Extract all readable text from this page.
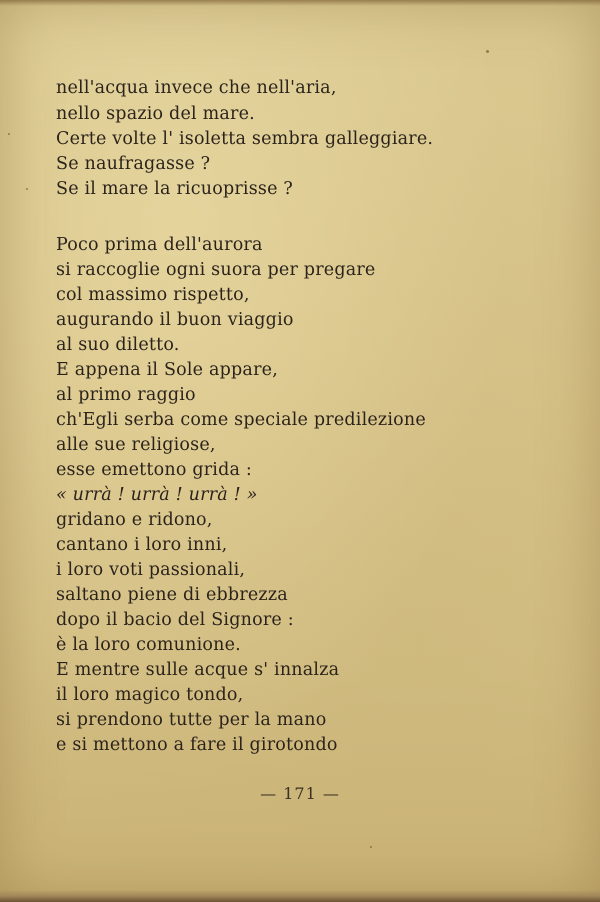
nell'acqua invece che nell'aria,
nello spazio del mare.
Certe volte l' isoletta sembra galleggiare.
Se naufragasse ?
Se il mare la ricuoprisse ?
Poco prima dell'aurora
si raccoglie ogni suora per pregare
col massimo rispetto,
augurando il buon viaggio
al suo diletto.
E appena il Sole appare,
al primo raggio
ch'Egli serba come speciale predilezione
alle sue religiose,
esse emettono grida :
« urrà ! urrà ! urrà ! »
gridano e ridono,
cantano i loro inni,
i loro voti passionali,
saltano piene di ebbrezza
dopo il bacio del Signore :
è la loro comunione.
E mentre sulle acque s' innalza
il loro magico tondo,
si prendono tutte per la mano
e si mettono a fare il girotondo
— 171 —
